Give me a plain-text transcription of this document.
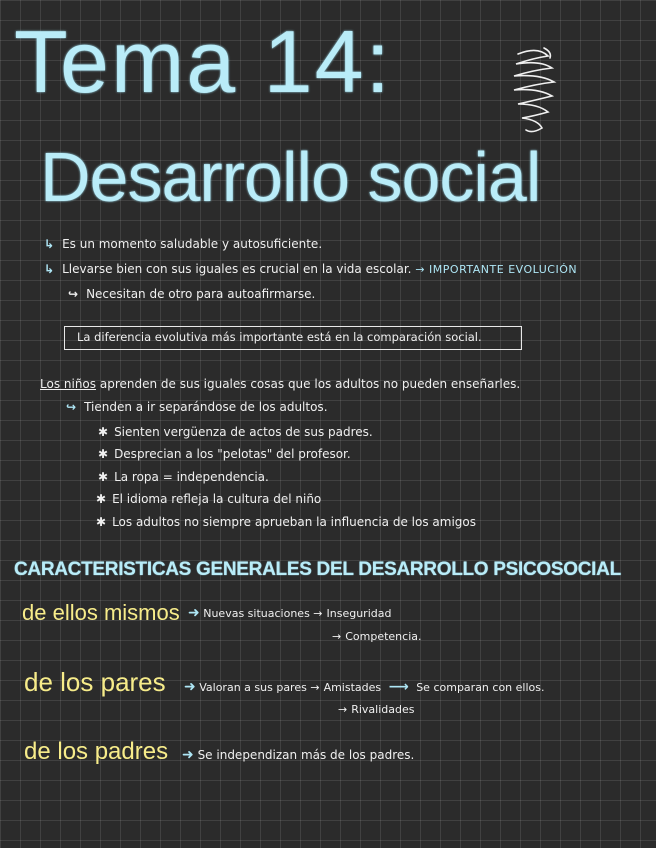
Tema 14:
Desarrollo social
↳ Es un momento saludable y autosuficiente.
↳ Llevarse bien con sus iguales es crucial en la vida escolar. → IMPORTANTE EVOLUCIÓN
↪ Necesitan de otro para autoafirmarse.
La diferencia evolutiva más importante está en la comparación social.
Los niños aprenden de sus iguales cosas que los adultos no pueden enseñarles.
↪ Tienden a ir separándose de los adultos.
✱ Sienten vergüenza de actos de sus padres.
✱ Desprecian a los "pelotas" del profesor.
✱ La ropa = independencia.
✱ El idioma refleja la cultura del niño
✱ Los adultos no siempre aprueban la influencia de los amigos
CARACTERISTICAS GENERALES DEL DESARROLLO PSICOSOCIAL
de ellos mismos ➜ Nuevas situaciones → Inseguridad
→ Competencia.
de los pares ➜ Valoran a sus pares → Amistades ⟶ Se comparan con ellos.
→ Rivalidades
de los padres ➜ Se independizan más de los padres.
